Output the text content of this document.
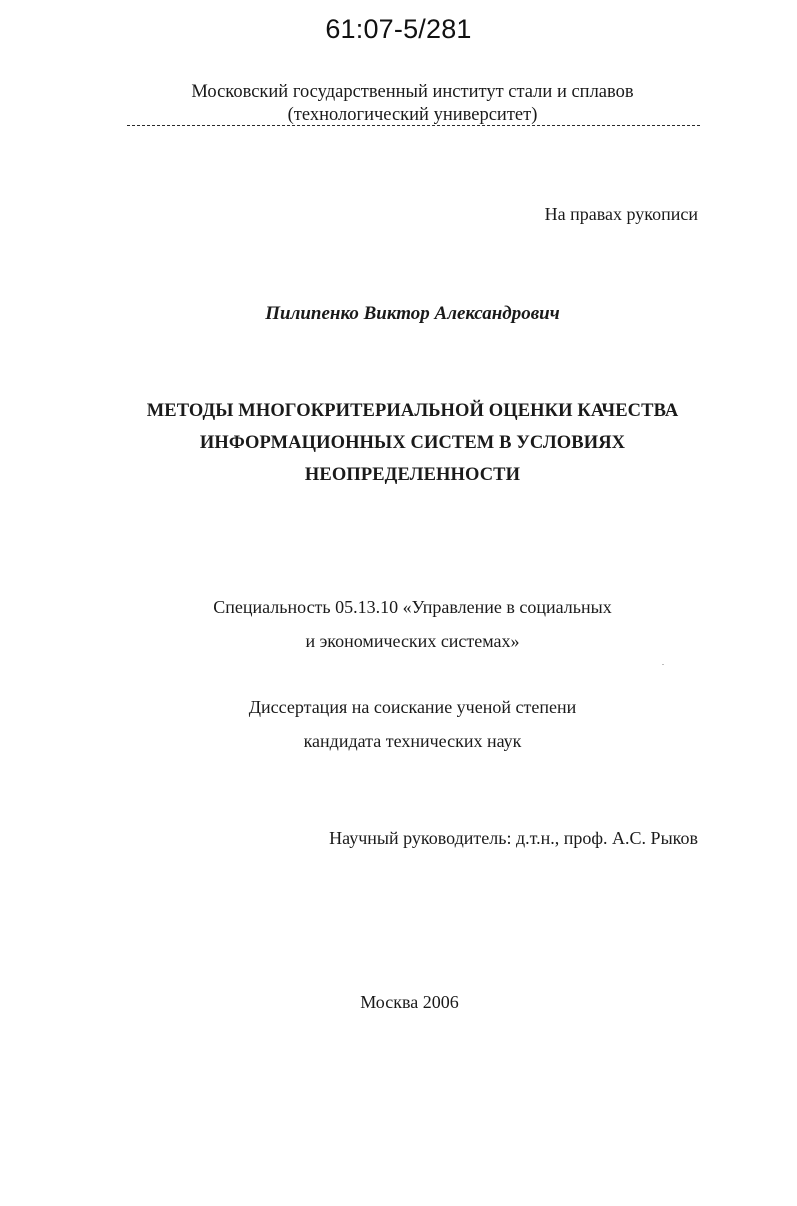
61:07-5/281

Московский государственный институт стали и сплавов

(технологический университет)

На правах рукописи

Пилипенко Виктор Александрович

МЕТОДЫ МНОГОКРИТЕРИАЛЬНОЙ ОЦЕНКИ КАЧЕСТВА

ИНФОРМАЦИОННЫХ СИСТЕМ В УСЛОВИЯХ

НЕОПРЕДЕЛЕННОСТИ

Специальность 05.13.10 «Управление в социальных

и экономических системах»

Диссертация на соискание ученой степени

кандидата технических наук

Научный руководитель: д.т.н., проф. А.С. Рыков

Москва 2006
